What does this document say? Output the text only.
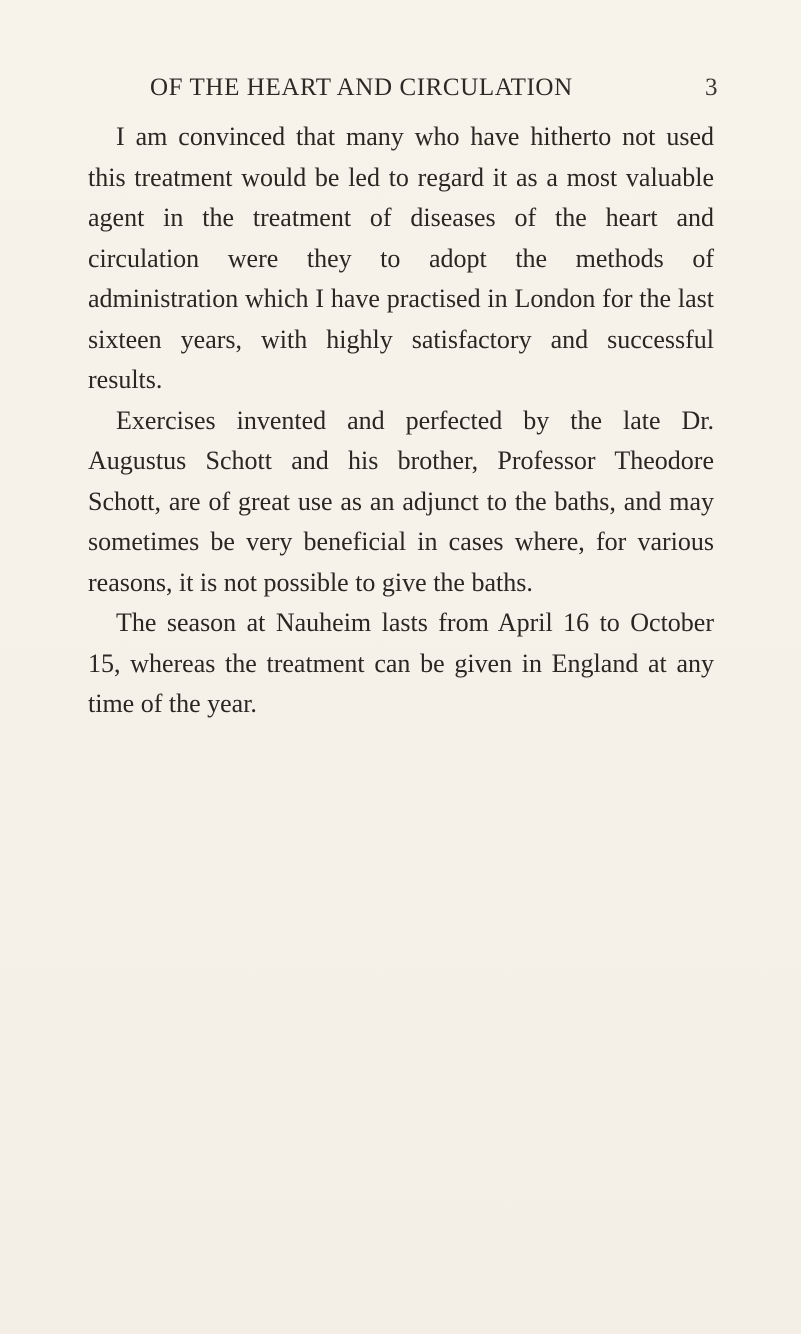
OF THE HEART AND CIRCULATION	3

I am convinced that many who have hitherto not used this treatment would be led to regard it as a most valuable agent in the treatment of diseases of the heart and circulation were they to adopt the methods of administration which I have practised in London for the last sixteen years, with highly satisfactory and successful results.

Exercises invented and perfected by the late Dr. Augustus Schott and his brother, Professor Theodore Schott, are of great use as an adjunct to the baths, and may sometimes be very beneficial in cases where, for various reasons, it is not possible to give the baths.

The season at Nauheim lasts from April 16 to October 15, whereas the treatment can be given in England at any time of the year.
